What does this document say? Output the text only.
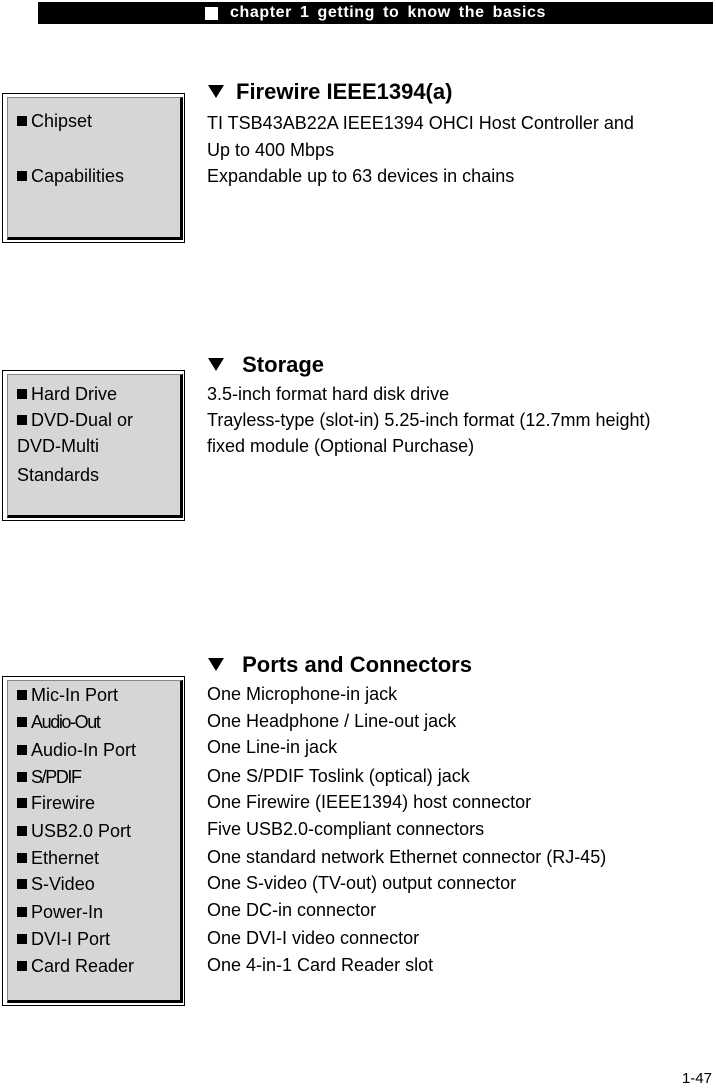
chapter 1 getting to know the basics
Chipset
Capabilities
Firewire IEEE1394(a)
TI TSB43AB22A IEEE1394 OHCI Host Controller and
Up to 400 Mbps
Expandable up to 63 devices in chains
Hard Drive
DVD-Dual or
DVD-Multi
Standards
Storage
3.5-inch format hard disk drive
Trayless-type (slot-in) 5.25-inch format (12.7mm height)
fixed module (Optional Purchase)
Mic-In Port
Audio-Out
Audio-In Port
S/PDIF
Firewire
USB2.0 Port
Ethernet
S-Video
Power-In
DVI-I Port
Card Reader
Ports and Connectors
One Microphone-in jack
One Headphone / Line-out jack
One Line-in jack
One S/PDIF Toslink (optical) jack
One Firewire (IEEE1394) host connector
Five USB2.0-compliant connectors
One standard network Ethernet connector (RJ-45)
One S-video (TV-out) output connector
One DC-in connector
One DVI-I video connector
One 4-in-1 Card Reader slot
1-47
